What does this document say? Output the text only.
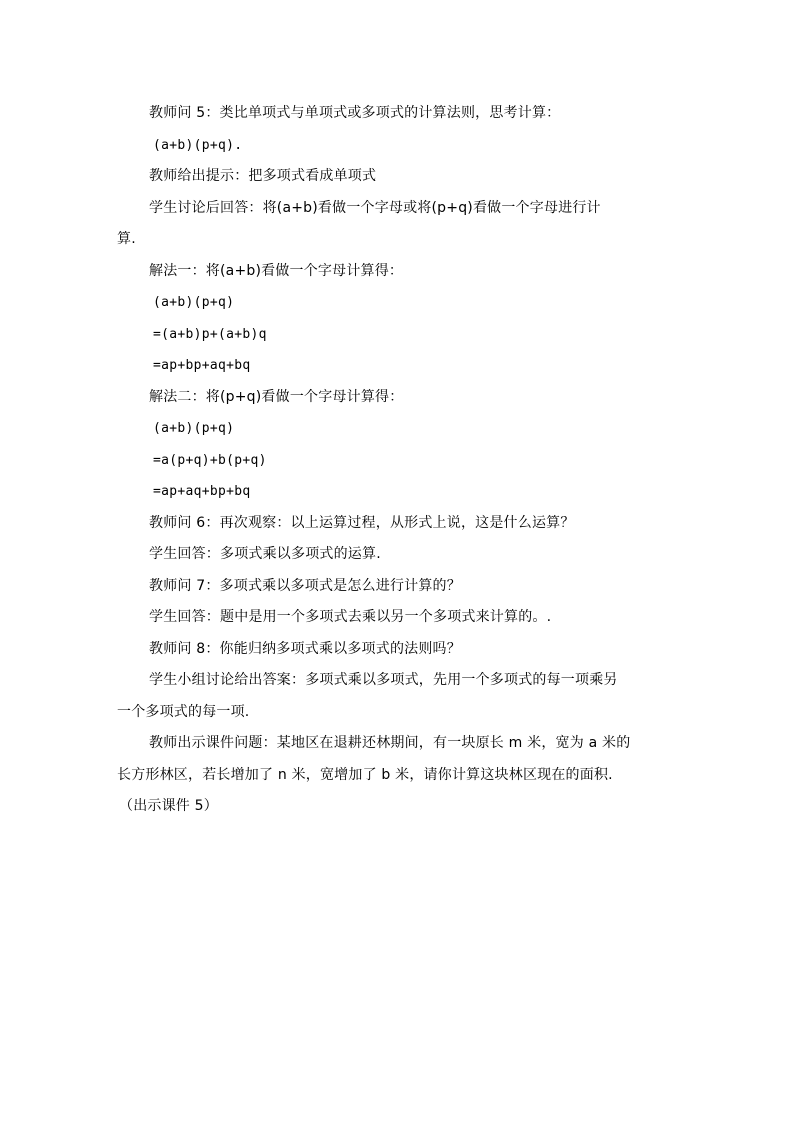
教师问 5：类比单项式与单项式或多项式的计算法则，思考计算：
(a+b)(p+q).
教师给出提示：把多项式看成单项式
学生讨论后回答：将(a+b)看做一个字母或将(p+q)看做一个字母进行计
算.
解法一：将(a+b)看做一个字母计算得：
(a+b)(p+q)
=(a+b)p+(a+b)q
=ap+bp+aq+bq
解法二：将(p+q)看做一个字母计算得：
(a+b)(p+q)
=a(p+q)+b(p+q)
=ap+aq+bp+bq
教师问 6：再次观察：以上运算过程，从形式上说，这是什么运算？
学生回答：多项式乘以多项式的运算.
教师问 7：多项式乘以多项式是怎么进行计算的？
学生回答：题中是用一个多项式去乘以另一个多项式来计算的。.
教师问 8：你能归纳多项式乘以多项式的法则吗？
学生小组讨论给出答案：多项式乘以多项式，先用一个多项式的每一项乘另
一个多项式的每一项.
教师出示课件问题：某地区在退耕还林期间，有一块原长 m 米，宽为 a 米的
长方形林区，若长增加了 n 米，宽增加了 b 米，请你计算这块林区现在的面积.
（出示课件 5）
